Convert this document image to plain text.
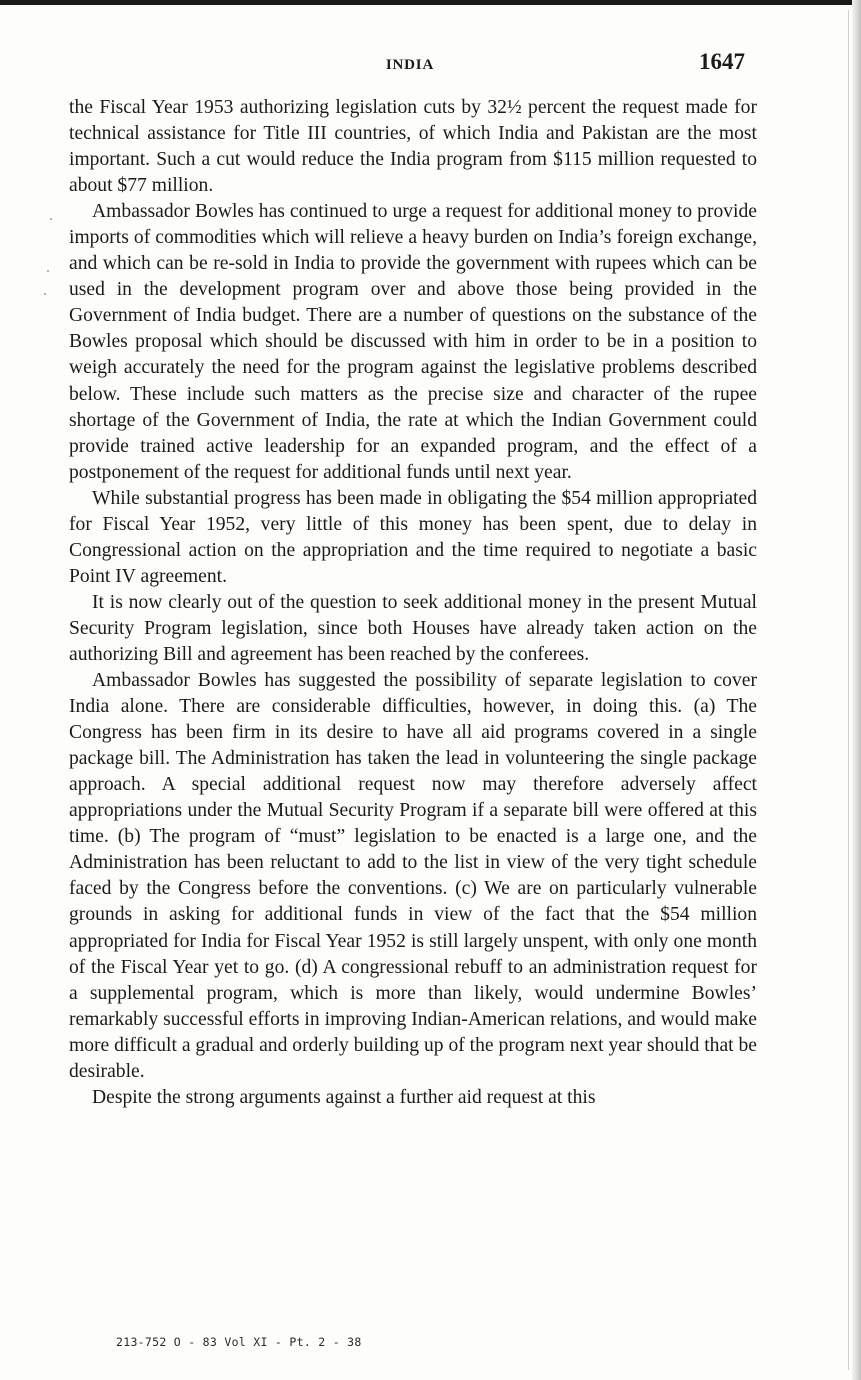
INDIA	1647

the Fiscal Year 1953 authorizing legislation cuts by 32½ percent the request made for technical assistance for Title III countries, of which India and Pakistan are the most important. Such a cut would reduce the India program from $115 million requested to about $77 million.

Ambassador Bowles has continued to urge a request for additional money to provide imports of commodities which will relieve a heavy burden on India’s foreign exchange, and which can be re-sold in India to provide the government with rupees which can be used in the development program over and above those being provided in the Government of India budget. There are a number of questions on the substance of the Bowles proposal which should be discussed with him in order to be in a position to weigh accurately the need for the program against the legislative problems described below. These include such matters as the precise size and character of the rupee shortage of the Government of India, the rate at which the Indian Government could provide trained active leadership for an expanded program, and the effect of a postponement of the request for additional funds until next year.

While substantial progress has been made in obligating the $54 million appropriated for Fiscal Year 1952, very little of this money has been spent, due to delay in Congressional action on the appropriation and the time required to negotiate a basic Point IV agreement.

It is now clearly out of the question to seek additional money in the present Mutual Security Program legislation, since both Houses have already taken action on the authorizing Bill and agreement has been reached by the conferees.

Ambassador Bowles has suggested the possibility of separate legislation to cover India alone. There are considerable difficulties, however, in doing this. (a) The Congress has been firm in its desire to have all aid programs covered in a single package bill. The Administration has taken the lead in volunteering the single package approach. A special additional request now may therefore adversely affect appropriations under the Mutual Security Program if a separate bill were offered at this time. (b) The program of “must” legislation to be enacted is a large one, and the Administration has been reluctant to add to the list in view of the very tight schedule faced by the Congress before the conventions. (c) We are on particularly vulnerable grounds in asking for additional funds in view of the fact that the $54 million appropriated for India for Fiscal Year 1952 is still largely unspent, with only one month of the Fiscal Year yet to go. (d) A congressional rebuff to an administration request for a supplemental program, which is more than likely, would undermine Bowles’ remarkably successful efforts in improving Indian-American relations, and would make more difficult a gradual and orderly building up of the program next year should that be desirable.

Despite the strong arguments against a further aid request at this

213-752 O - 83 Vol XI - Pt. 2 - 38
